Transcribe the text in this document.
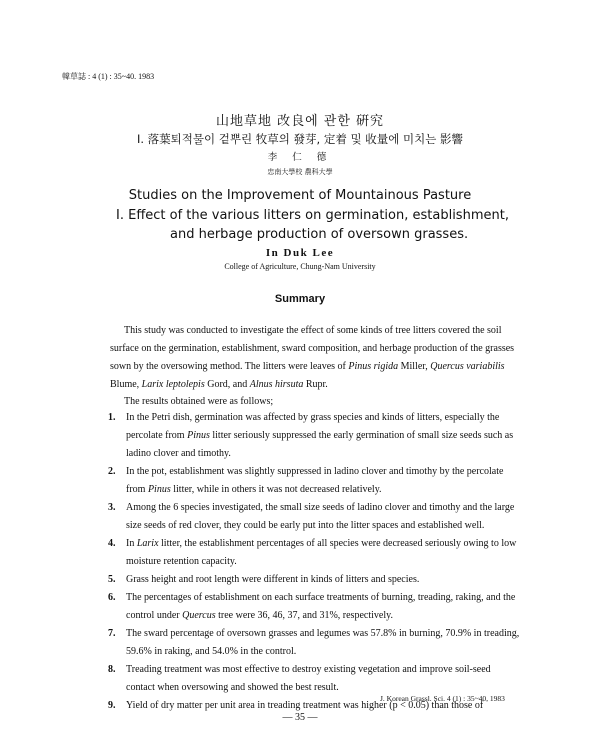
韓草誌 : 4 (1) : 35~40. 1983
山地草地 改良에 관한 硏究
Ⅰ. 落葉퇴적물이 겉뿌린 牧草의 發芽, 定着 및 收量에 미치는 影響
李 仁 德
忠南大學校 農科大學
Studies on the Improvement of Mountainous Pasture
Ⅰ. Effect of the various litters on germination, establishment,
and herbage production of oversown grasses.
In Duk Lee
College of Agriculture, Chung-Nam University
Summary
This study was conducted to investigate the effect of some kinds of tree litters covered the soil surface on the germination, establishment, sward composition, and herbage production of the grasses sown by the oversowing method. The litters were leaves of Pinus rigida Miller, Quercus variabilis Blume, Larix leptolepis Gord, and Alnus hirsuta Rupr.
The results obtained were as follows;
1. In the Petri dish, germination was affected by grass species and kinds of litters, especially the percolate from Pinus litter seriously suppressed the early germination of small size seeds such as ladino clover and timothy.
2. In the pot, establishment was slightly suppressed in ladino clover and timothy by the percolate from Pinus litter, while in others it was not decreased relatively.
3. Among the 6 species investigated, the small size seeds of ladino clover and timothy and the large size seeds of red clover, they could be early put into the litter spaces and established well.
4. In Larix litter, the establishment percentages of all species were decreased seriously owing to low moisture retention capacity.
5. Grass height and root length were different in kinds of litters and species.
6. The percentages of establishment on each surface treatments of burning, treading, raking, and the control under Quercus tree were 36, 46, 37, and 31%, respectively.
7. The sward percentage of oversown grasses and legumes was 57.8% in burning, 70.9% in treading, 59.6% in raking, and 54.0% in the control.
8. Treading treatment was most effective to destroy existing vegetation and improve soil-seed contact when oversowing and showed the best result.
9. Yield of dry matter per unit area in treading treatment was higher (p < 0.05) than those of
J. Korean Grassl. Sci. 4 (1) : 35~40, 1983
— 35 —
